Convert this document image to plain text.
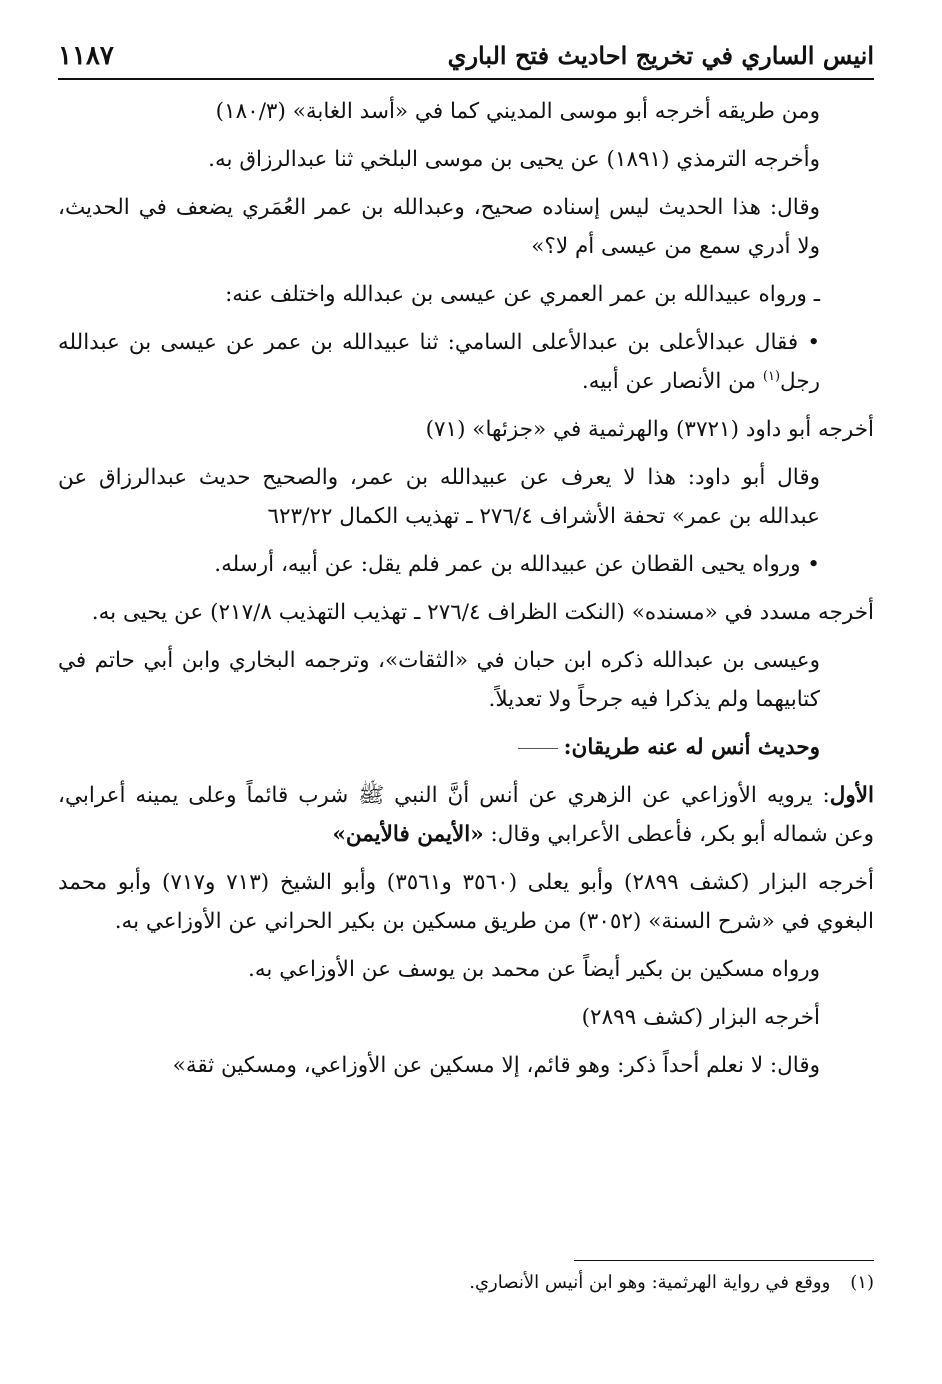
انيس الساري في تخريج احاديث فتح الباري
١١٨٧

ومن طريقه أخرجه أبو موسى المديني كما في «أسد الغابة» (١٨٠/٣)

وأخرجه الترمذي (١٨٩١) عن يحيى بن موسى البلخي ثنا عبدالرزاق به.

وقال: هذا الحديث ليس إسناده صحيح، وعبدالله بن عمر العُمَري يضعف في الحديث، ولا أدري سمع من عيسى أم لا؟»

ـ ورواه عبيدالله بن عمر العمري عن عيسى بن عبدالله واختلف عنه:

• فقال عبدالأعلى بن عبدالأعلى السامي: ثنا عبيدالله بن عمر عن عيسى بن عبدالله رجل$^{(١)}$ من الأنصار عن أبيه.

أخرجه أبو داود (٣٧٢١) والهرثمية في «جزئها» (٧١)

وقال أبو داود: هذا لا يعرف عن عبيدالله بن عمر، والصحيح حديث عبدالرزاق عن عبدالله بن عمر» تحفة الأشراف ٢٧٦/٤ ـ تهذيب الكمال ٦٢٣/٢٢

• ورواه يحيى القطان عن عبيدالله بن عمر فلم يقل: عن أبيه، أرسله.

أخرجه مسدد في «مسنده» (النكت الظراف ٢٧٦/٤ ـ تهذيب التهذيب ٢١٧/٨) عن يحيى به.

وعيسى بن عبدالله ذكره ابن حبان في «الثقات»، وترجمه البخاري وابن أبي حاتم في كتابيهما ولم يذكرا فيه جرحاً ولا تعديلاً.

وحديث أنس له عنه طريقان:

الأول: يرويه الأوزاعي عن الزهري عن أنس أنَّ النبي ﷺ شرب قائماً وعلى يمينه أعرابي، وعن شماله أبو بكر، فأعطى الأعرابي وقال: «الأيمن فالأيمن»

أخرجه البزار (كشف ٢٨٩٩) وأبو يعلى (٣٥٦٠ و٣٥٦١) وأبو الشيخ (٧١٣ و٧١٧) وأبو محمد البغوي في «شرح السنة» (٣٠٥٢) من طريق مسكين بن بكير الحراني عن الأوزاعي به.

ورواه مسكين بن بكير أيضاً عن محمد بن يوسف عن الأوزاعي به.

أخرجه البزار (كشف ٢٨٩٩)

وقال: لا نعلم أحداً ذكر: وهو قائم، إلا مسكين عن الأوزاعي، ومسكين ثقة»

(١)ووقع في رواية الهرثمية: وهو ابن أنيس الأنصاري.
